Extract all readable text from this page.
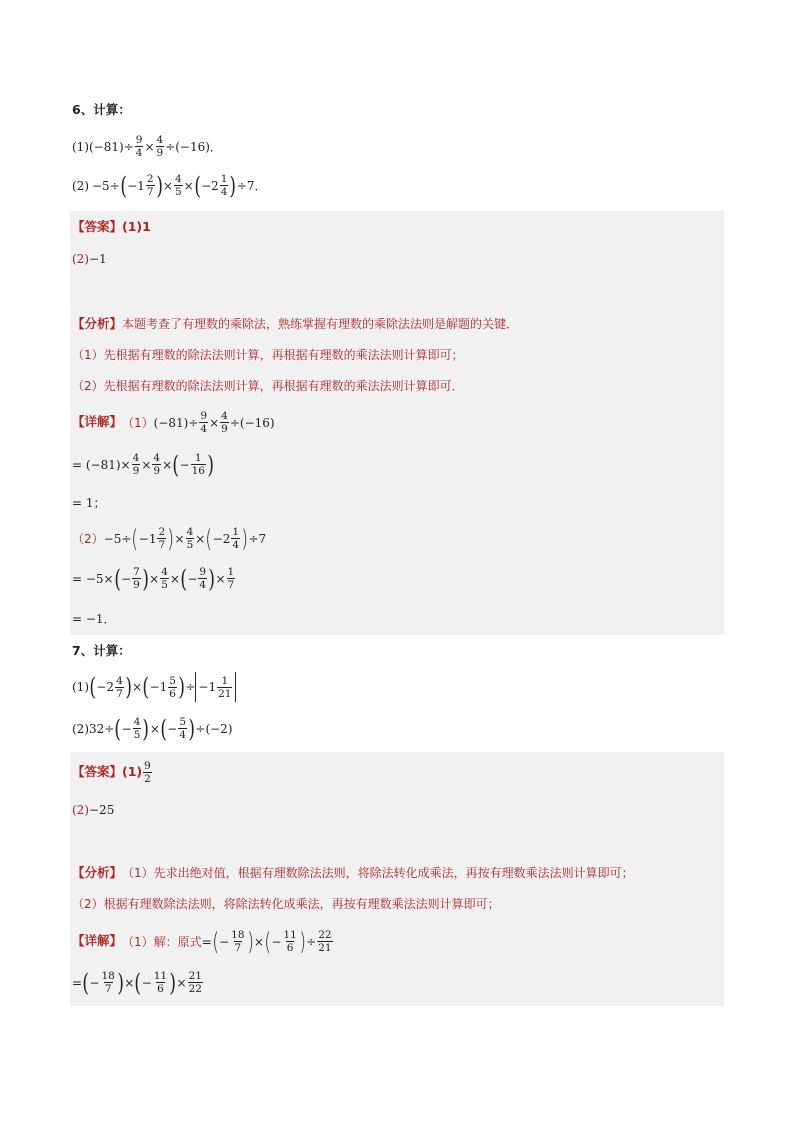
6、计算：
(1) $(-81)\div \frac{9}{4} \times \frac{4}{9} \div(-16)$．
(2) −5÷ ( $-1 \frac{2}{7}$ ) × $\frac{4}{5}$ × ( $-2 \frac{1}{4}$ ) ÷7．
【答案】 (1)1
(2) −1
【分析】 本题考查了有理数的乘除法，熟练掌握有理数的乘除法法则是解题的关键．
（1）先根据有理数的除法法则计算，再根据有理数的乘法法则计算即可；
（2）先根据有理数的除法法则计算，再根据有理数的乘法法则计算即可．
【详解】 （1） $(-81)\div \frac{9}{4} \times \frac{4}{9} \div(-16)$
= $(-81)\times \frac{4}{9} \times \frac{4}{9}$ × ( − $\frac{1}{16}$ )
= 1；
（2） −5÷ ( $-1 \frac{2}{7}$ ) × $\frac{4}{5}$ × ( $-2 \frac{1}{4}$ ) ÷7
= −5× ( − $\frac{7}{9}$ ) × $\frac{4}{5}$ × ( − $\frac{9}{4}$ ) × $\frac{1}{7}$
= −1．
7、计算：
(1) ( $-2 \frac{4}{7}$ ) × ( $-1 \frac{5}{6}$ ) ÷ $-1 \frac{1}{21}$
(2) 32÷ ( − $\frac{4}{5}$ ) × ( − $\frac{5}{4}$ ) ÷(−2)
【答案】 $(1) \frac{9}{2}$
(2) −25
【分析】 （1）先求出绝对值，根据有理数除法法则，将除法转化成乘法，再按有理数乘法法则计算即可；
（2）根据有理数除法法则，将除法转化成乘法，再按有理数乘法法则计算即可；
【详解】 （1）解：原式 = ( − $\frac{18}{7}$ ) × ( − $\frac{11}{6}$ ) ÷ $\frac{22}{21}$
= ( − $\frac{18}{7}$ ) × ( − $\frac{11}{6}$ ) × $\frac{21}{22}$
